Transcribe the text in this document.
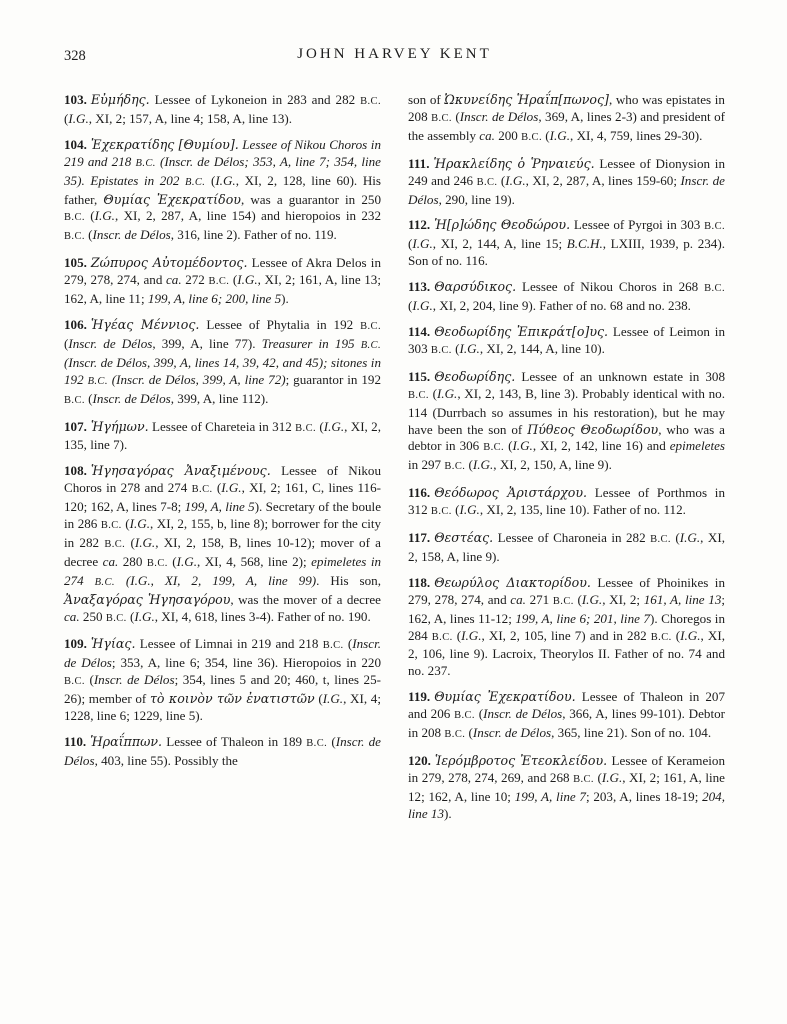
328	JOHN HARVEY KENT

103. Εὐμήδης. Lessee of Lykoneion in 283 and 282 B.C. (I.G., XI, 2; 157, A, line 4; 158, A, line 13).

104. Ἐχεκρατίδης [Θυμίου]. Lessee of Nikou Choros in 219 and 218 B.C. (Inscr. de Délos; 353, A, line 7; 354, line 35). Epistates in 202 B.C. (I.G., XI, 2, 128, line 60). His father, Θυμίας Ἐχεκρατίδου, was a guarantor in 250 B.C. (I.G., XI, 2, 287, A, line 154) and hieropoios in 232 B.C. (Inscr. de Délos, 316, line 2). Father of no. 119.

105. Ζώπυρος Αὐτομέδοντος. Lessee of Akra Delos in 279, 278, 274, and ca. 272 B.C. (I.G., XI, 2; 161, A, line 13; 162, A, line 11; 199, A, line 6; 200, line 5).

106. Ἡγέας Μέννιος. Lessee of Phytalia in 192 B.C. (Inscr. de Délos, 399, A, line 77). Treasurer in 195 B.C. (Inscr. de Délos, 399, A, lines 14, 39, 42, and 45); sitones in 192 B.C. (Inscr. de Délos, 399, A, line 72); guarantor in 192 B.C. (Inscr. de Délos, 399, A, line 112).

107. Ἡγήμων. Lessee of Chareteia in 312 B.C. (I.G., XI, 2, 135, line 7).

108. Ἡγησαγόρας Ἀναξιμένους. Lessee of Nikou Choros in 278 and 274 B.C. (I.G., XI, 2; 161, C, lines 116-120; 162, A, lines 7-8; 199, A, line 5). Secretary of the boule in 286 B.C. (I.G., XI, 2, 155, b, line 8); borrower for the city in 282 B.C. (I.G., XI, 2, 158, B, lines 10-12); mover of a decree ca. 280 B.C. (I.G., XI, 4, 568, line 2); epimeletes in 274 B.C. (I.G., XI, 2, 199, A, line 99). His son, Ἀναξαγόρας Ἡγησαγόρου, was the mover of a decree ca. 250 B.C. (I.G., XI, 4, 618, lines 3-4). Father of no. 190.

109. Ἡγίας. Lessee of Limnai in 219 and 218 B.C. (Inscr. de Délos; 353, A, line 6; 354, line 36). Hieropoios in 220 B.C. (Inscr. de Délos; 354, lines 5 and 20; 460, t, lines 25-26); member of τὸ κοινὸν τῶν ἐνατιστῶν (I.G., XI, 4; 1228, line 6; 1229, line 5).

110. Ἡραΐππων. Lessee of Thaleon in 189 B.C. (Inscr. de Délos, 403, line 55). Possibly the

son of Ὠκυνείδης Ἡραΐπ[πωνος], who was epistates in 208 B.C. (Inscr. de Délos, 369, A, lines 2-3) and president of the assembly ca. 200 B.C. (I.G., XI, 4, 759, lines 29-30).

111. Ἡρακλείδης ὁ Ῥηναιεύς. Lessee of Dionysion in 249 and 246 B.C. (I.G., XI, 2, 287, A, lines 159-60; Inscr. de Délos, 290, line 19).

112. Ἡ[ρ]ώδης Θεοδώρου. Lessee of Pyrgoi in 303 B.C. (I.G., XI, 2, 144, A, line 15; B.C.H., LXIII, 1939, p. 234). Son of no. 116.

113. Θαρσύδικος. Lessee of Nikou Choros in 268 B.C. (I.G., XI, 2, 204, line 9). Father of no. 68 and no. 238.

114. Θεοδωρίδης Ἐπικράτ[ο]υς. Lessee of Leimon in 303 B.C. (I.G., XI, 2, 144, A, line 10).

115. Θεοδωρίδης. Lessee of an unknown estate in 308 B.C. (I.G., XI, 2, 143, B, line 3). Probably identical with no. 114 (Durrbach so assumes in his restoration), but he may have been the son of Πύθεος Θεοδωρίδου, who was a debtor in 306 B.C. (I.G., XI, 2, 142, line 16) and epimeletes in 297 B.C. (I.G., XI, 2, 150, A, line 9).

116. Θεόδωρος Ἀριστάρχου. Lessee of Porthmos in 312 B.C. (I.G., XI, 2, 135, line 10). Father of no. 112.

117. Θεστέας. Lessee of Charoneia in 282 B.C. (I.G., XI, 2, 158, A, line 9).

118. Θεωρύλος Διακτορίδου. Lessee of Phoinikes in 279, 278, 274, and ca. 271 B.C. (I.G., XI, 2; 161, A, line 13; 162, A, lines 11-12; 199, A, line 6; 201, line 7). Choregos in 284 B.C. (I.G., XI, 2, 105, line 7) and in 282 B.C. (I.G., XI, 2, 106, line 9). Lacroix, Theorylos II. Father of no. 74 and no. 237.

119. Θυμίας Ἐχεκρατίδου. Lessee of Thaleon in 207 and 206 B.C. (Inscr. de Délos, 366, A, lines 99-101). Debtor in 208 B.C. (Inscr. de Délos, 365, line 21). Son of no. 104.

120. Ἱερόμβροτος Ἐτεοκλείδου. Lessee of Kerameion in 279, 278, 274, 269, and 268 B.C. (I.G., XI, 2; 161, A, line 12; 162, A, line 10; 199, A, line 7; 203, A, lines 18-19; 204, line 13).
